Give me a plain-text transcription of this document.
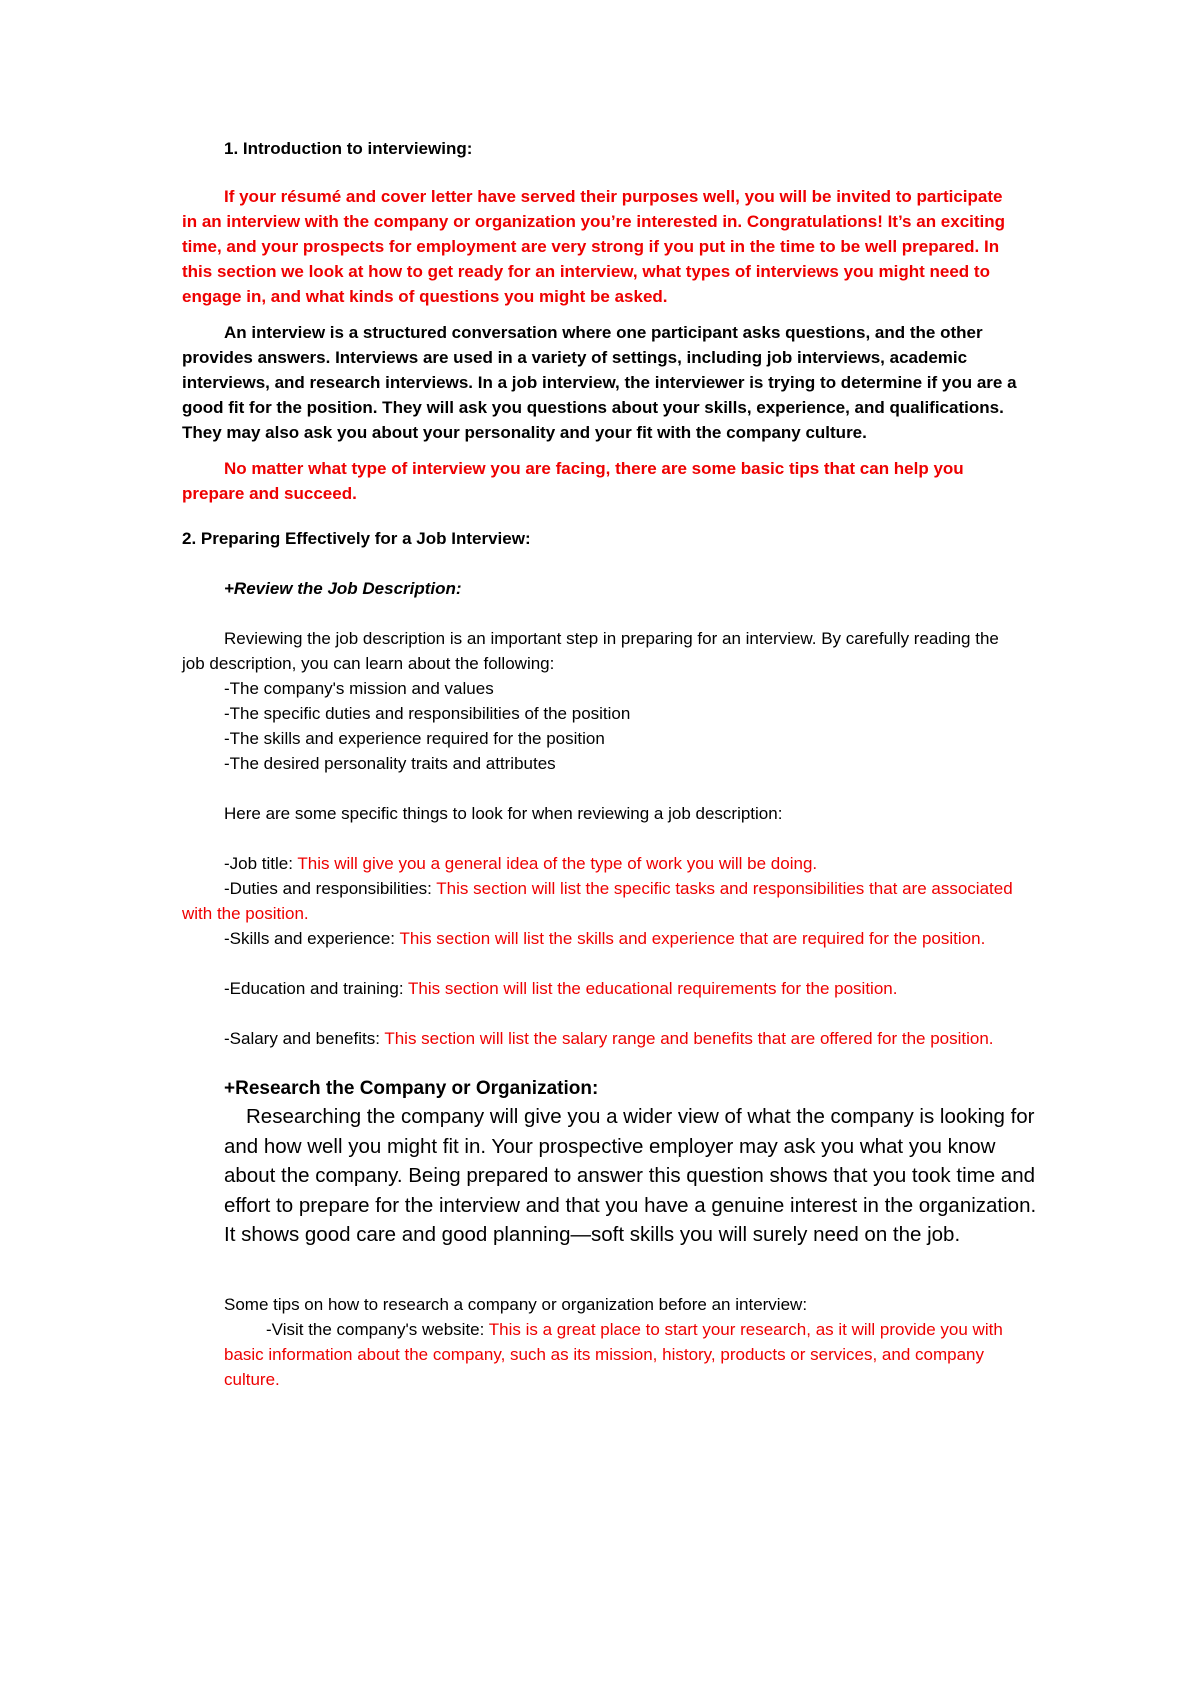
1. Introduction to interviewing:
If your résumé and cover letter have served their purposes well, you will be invited to participate in an interview with the company or organization you’re interested in. Congratulations! It’s an exciting time, and your prospects for employment are very strong if you put in the time to be well prepared. In this section we look at how to get ready for an interview, what types of interviews you might need to engage in, and what kinds of questions you might be asked.
An interview is a structured conversation where one participant asks questions, and the other provides answers. Interviews are used in a variety of settings, including job interviews, academic interviews, and research interviews. In a job interview, the interviewer is trying to determine if you are a good fit for the position. They will ask you questions about your skills, experience, and qualifications. They may also ask you about your personality and your fit with the company culture.
No matter what type of interview you are facing, there are some basic tips that can help you prepare and succeed.
2. Preparing Effectively for a Job Interview:
+Review the Job Description:
Reviewing the job description is an important step in preparing for an interview. By carefully reading the job description, you can learn about the following:
-The company's mission and values
-The specific duties and responsibilities of the position
-The skills and experience required for the position
-The desired personality traits and attributes
Here are some specific things to look for when reviewing a job description:
-Job title: This will give you a general idea of the type of work you will be doing.
-Duties and responsibilities: This section will list the specific tasks and responsibilities that are associated with the position.
-Skills and experience: This section will list the skills and experience that are required for the position.
-Education and training: This section will list the educational requirements for the position.
-Salary and benefits: This section will list the salary range and benefits that are offered for the position.
+Research the Company or Organization:
Researching the company will give you a wider view of what the company is looking for and how well you might fit in. Your prospective employer may ask you what you know about the company. Being prepared to answer this question shows that you took time and effort to prepare for the interview and that you have a genuine interest in the organization. It shows good care and good planning—soft skills you will surely need on the job.
Some tips on how to research a company or organization before an interview:
-Visit the company's website: This is a great place to start your research, as it will provide you with basic information about the company, such as its mission, history, products or services, and company culture.
